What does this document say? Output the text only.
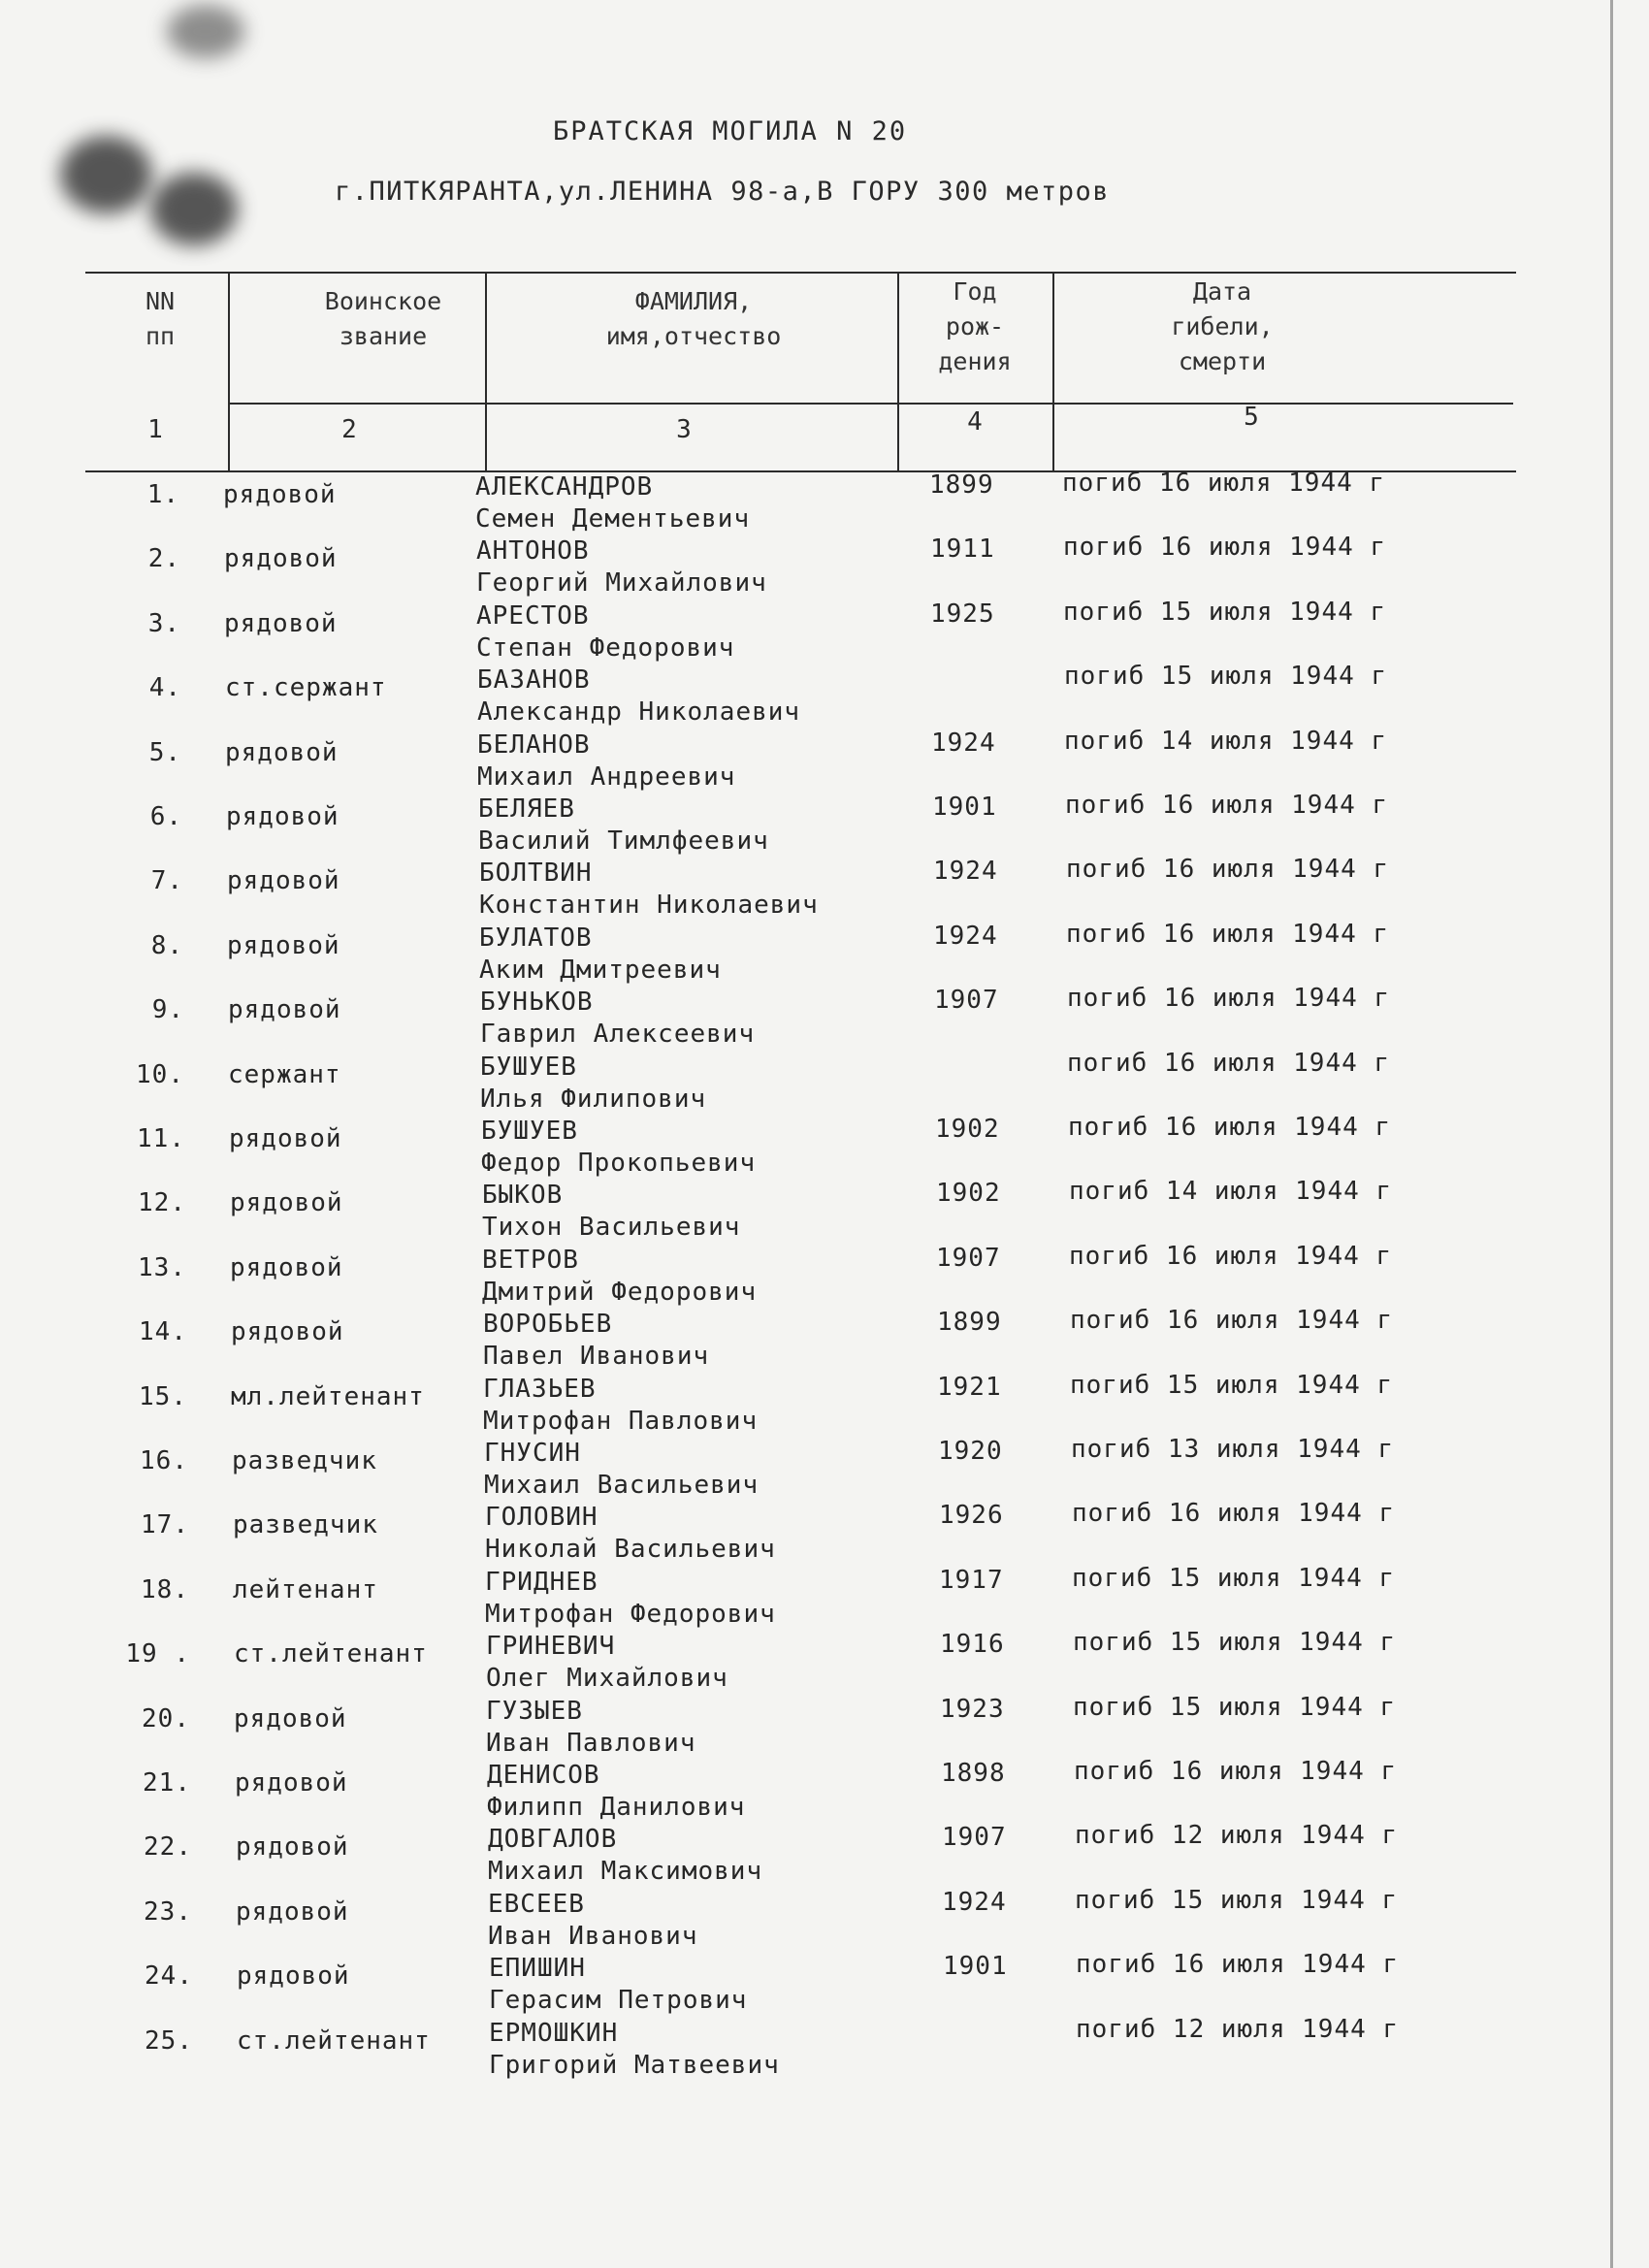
БРАТСКАЯ МОГИЛА N 20
г.ПИТКЯРАНТА,ул.ЛЕНИНА 98-а,В ГОРУ 300 метров
NN пп
Воинское звание
ФАМИЛИЯ, имя,отчество
Год рож- дения
Дата гибели, смерти
1	2	3	4	5
1. рядовой	АЛЕКСАНДРОВ
Семен Дементьевич
1899	погиб 16 июля 1944 г
2. рядовой	АНТОНОВ
Георгий Михайлович
1911	погиб 16 июля 1944 г
3. рядовой	АРЕСТОВ
Степан Федорович
1925	погиб 15 июля 1944 г
4. ст.сержант	БАЗАНОВ
Александр Николаевич
погиб 15 июля 1944 г
5. рядовой	БЕЛАНОВ
Михаил Андреевич
1924	погиб 14 июля 1944 г
6. рядовой	БЕЛЯЕВ
Василий Тимлфеевич
1901	погиб 16 июля 1944 г
7. рядовой	БОЛТВИН
Константин Николаевич
1924	погиб 16 июля 1944 г
8. рядовой	БУЛАТОВ
Аким Дмитреевич
1924	погиб 16 июля 1944 г
9. рядовой	БУНЬКОВ
Гаврил Алексеевич
1907	погиб 16 июля 1944 г
10. сержант	БУШУЕВ
Илья Филипович
погиб 16 июля 1944 г
11. рядовой	БУШУЕВ
Федор Прокопьевич
1902	погиб 16 июля 1944 г
12. рядовой	БЫКОВ
Тихон Васильевич
1902	погиб 14 июля 1944 г
13. рядовой	ВЕТРОВ
Дмитрий Федорович
1907	погиб 16 июля 1944 г
14. рядовой	ВОРОБЬЕВ
Павел Иванович
1899	погиб 16 июля 1944 г
15. мл.лейтенант ГЛАЗЬЕВ
Митрофан Павлович
1921	погиб 15 июля 1944 г
16. разведчик	ГНУСИН
Михаил Васильевич
1920	погиб 13 июля 1944 г
17. разведчик	ГОЛОВИН
Николай Васильевич
1926	погиб 16 июля 1944 г
18. лейтенант	ГРИДНЕВ
Митрофан Федорович
1917	погиб 15 июля 1944 г
19 . ст.лейтенант ГРИНЕВИЧ
Олег Михайлович
1916	погиб 15 июля 1944 г
20. рядовой	ГУЗЫЕВ
Иван Павлович
1923	погиб 15 июля 1944 г
21. рядовой	ДЕНИСОВ
Филипп Данилович
1898	погиб 16 июля 1944 г
22. рядовой	ДОВГАЛОВ
Михаил Максимович
1907	погиб 12 июля 1944 г
23. рядовой	ЕВСЕЕВ
Иван Иванович
1924	погиб 15 июля 1944 г
24. рядовой	ЕПИШИН
Герасим Петрович
1901	погиб 16 июля 1944 г
25. ст.лейтенант ЕРМОШКИН
Григорий Матвеевич
погиб 12 июля 1944 г
